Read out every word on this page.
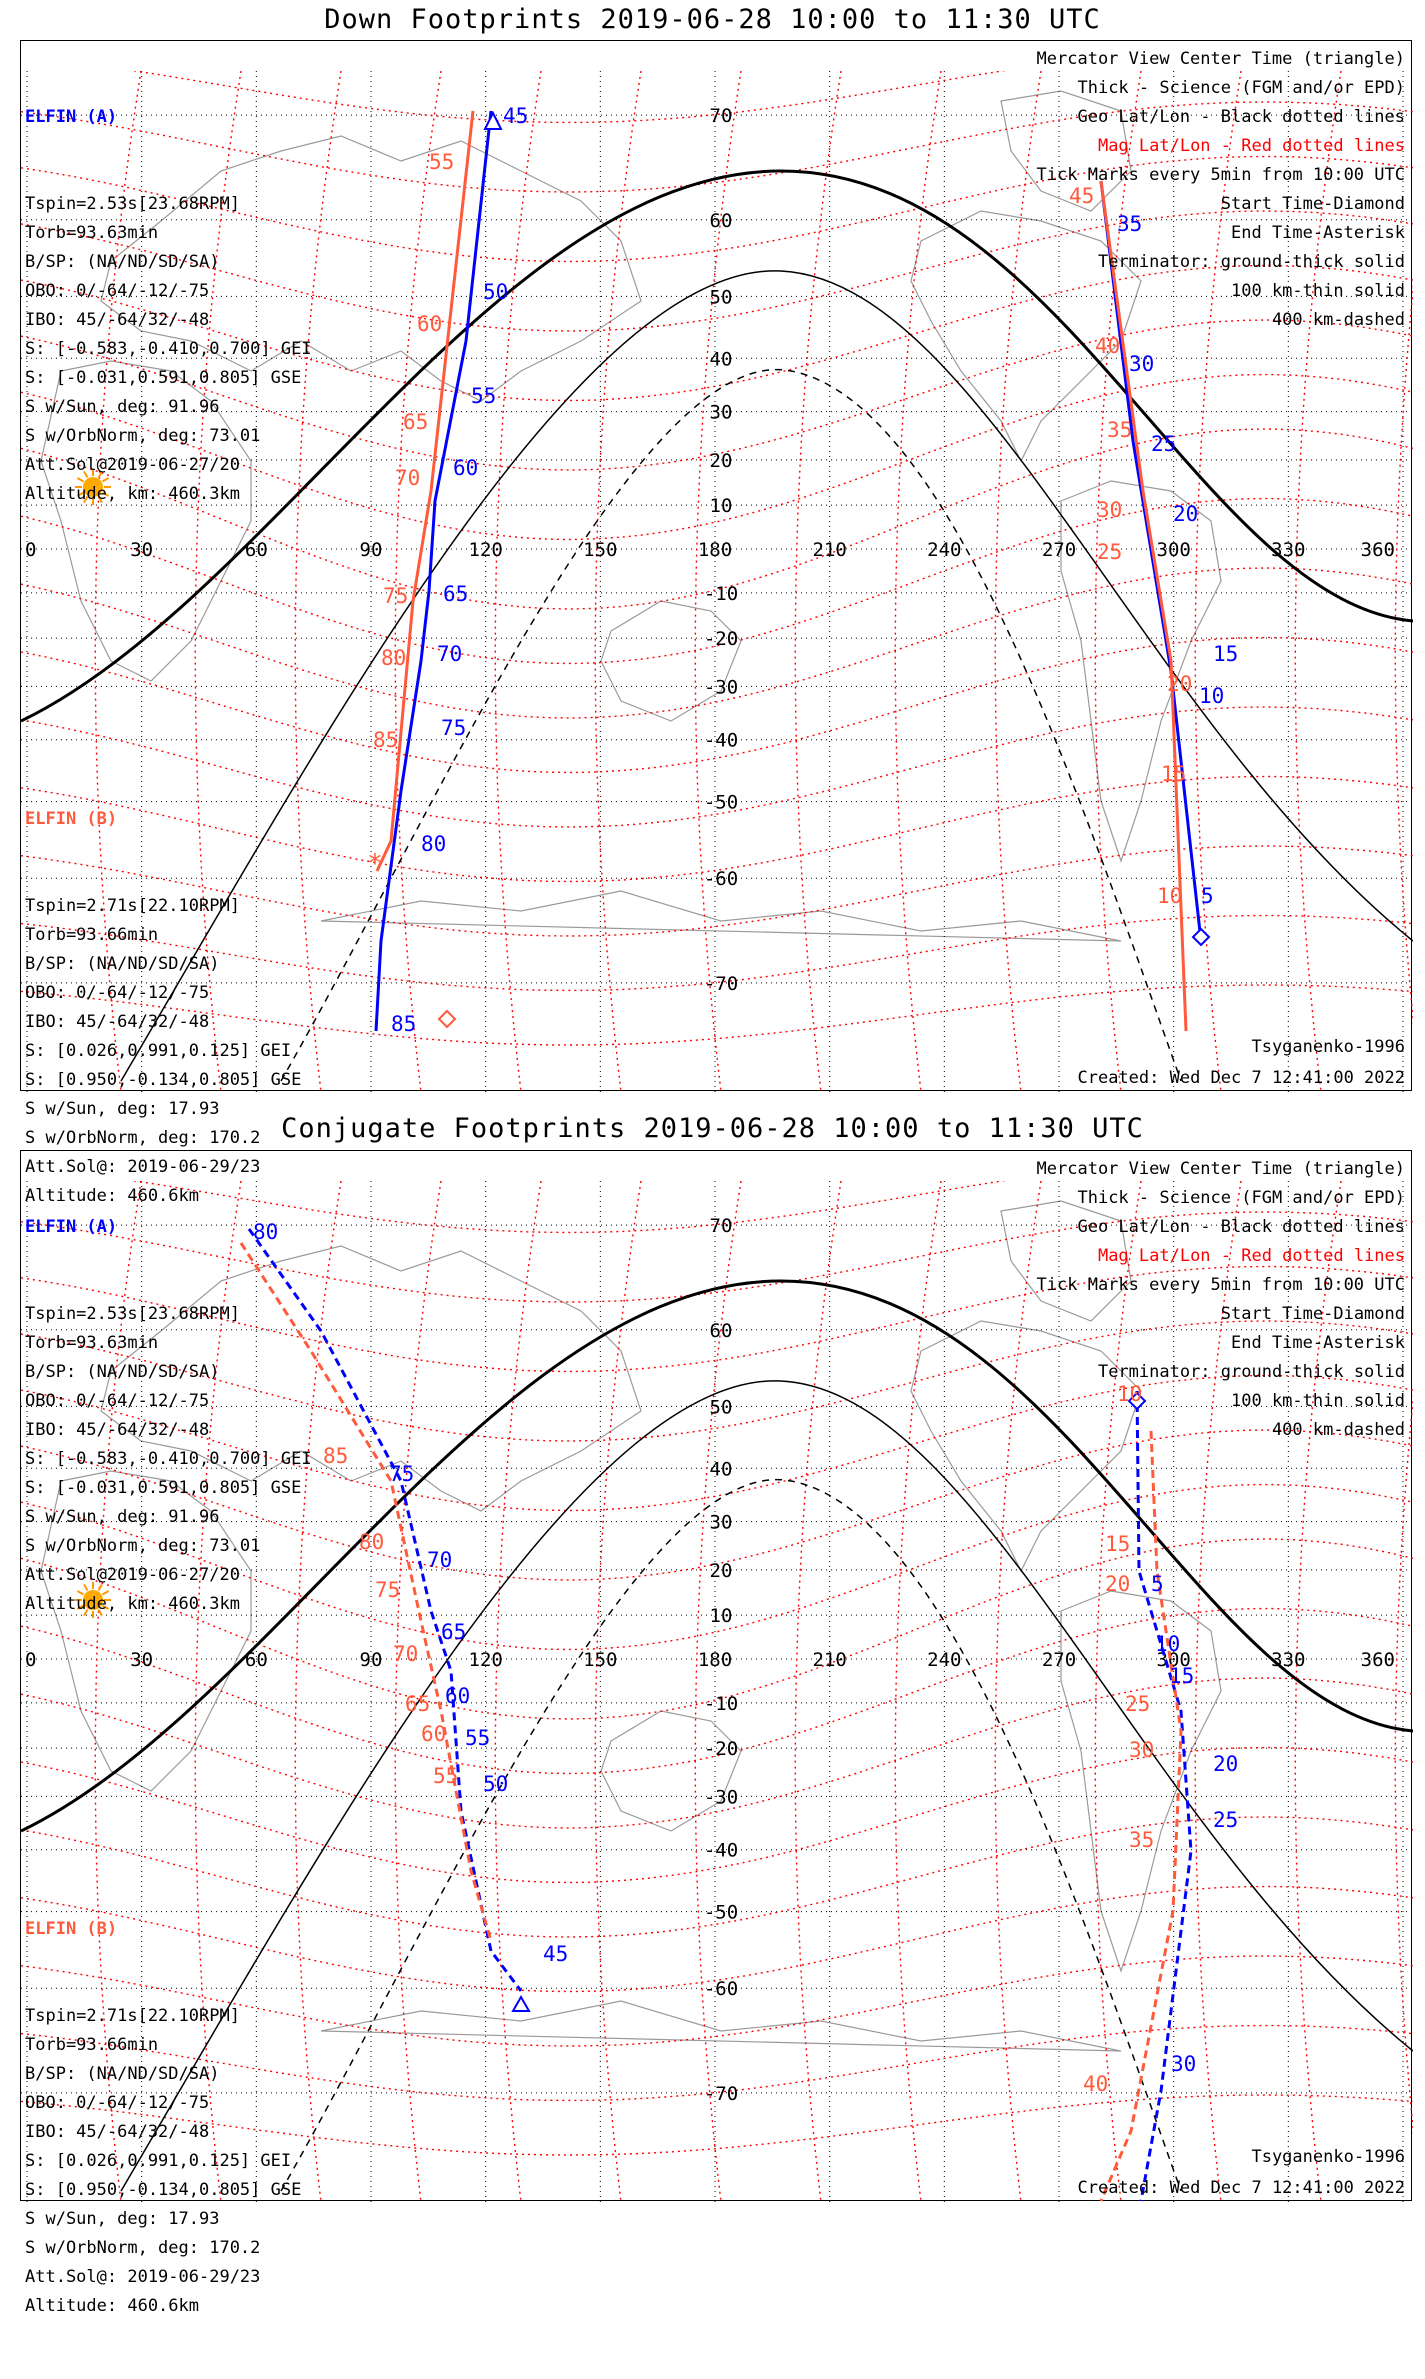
Down Footprints 2019-06-28 10:00 to 11:30 UTC
0	30	60	90	120	150	180	210	240	270	300	330	360
70
60
50
40
30
20
10
-10
-20
-30
-40
-50
-60
-70
*
45
50
55
60
65
70
75
80
85
35
30
25
20
15
10
5
55
60
65
70
75
80
85
45
40
35
30
25
20
15
10

ELFIN (A)

Tspin=2.53s[23.68RPM]
Torb=93.63min
B/SP: (NA/ND/SD/SA)
OBO: 0/-64/-12/-75
IBO: 45/-64/32/-48
S: [-0.583,-0.410,0.700] GEI
S: [-0.031,0.591,0.805] GSE
S w/Sun, deg: 91.96
S w/OrbNorm, deg: 73.01
Att.Sol@2019-06-27/20
Altitude, km: 460.3km

ELFIN (B)

Tspin=2.71s[22.10RPM]
Torb=93.66min
B/SP: (NA/ND/SD/SA)
OBO: 0/-64/-12/-75
IBO: 45/-64/32/-48
S: [0.026,0.991,0.125] GEI
S: [0.950,-0.134,0.805] GSE
S w/Sun, deg: 17.93
S w/OrbNorm, deg: 170.2
Att.Sol@: 2019-06-29/23
Altitude: 460.6km

Mercator View Center Time (triangle)
Thick - Science (FGM and/or EPD)
Geo Lat/Lon - Black dotted lines
Mag Lat/Lon - Red dotted lines
Tick Marks every 5min from 10:00 UTC
Start Time-Diamond
End Time-Asterisk
Terminator: ground-thick solid
100 km-thin solid
400 km-dashed
Tsyganenko-1996
Created: Wed Dec 7 12:41:00 2022
Conjugate Footprints 2019-06-28 10:00 to 11:30 UTC
0	30	60	90	120	150	180	210	240	270	300	330	360
70
60
50
40
30
20
10
-10
-20
-30
-40
-50
-60
-70
80
75
70
65
60
55
50
45
5
10
15
20
25
30
85
80
75
70
65
60
55
10
15
20
25
30
35
40

ELFIN (A)

Tspin=2.53s[23.68RPM]
Torb=93.63min
B/SP: (NA/ND/SD/SA)
OBO: 0/-64/-12/-75
IBO: 45/-64/32/-48
S: [-0.583,-0.410,0.700] GEI
S: [-0.031,0.591,0.805] GSE
S w/Sun, deg: 91.96
S w/OrbNorm, deg: 73.01
Att.Sol@2019-06-27/20
Altitude, km: 460.3km

ELFIN (B)

Tspin=2.71s[22.10RPM]
Torb=93.66min
B/SP: (NA/ND/SD/SA)
OBO: 0/-64/-12/-75
IBO: 45/-64/32/-48
S: [0.026,0.991,0.125] GEI
S: [0.950,-0.134,0.805] GSE
S w/Sun, deg: 17.93
S w/OrbNorm, deg: 170.2
Att.Sol@: 2019-06-29/23
Altitude: 460.6km

Mercator View Center Time (triangle)
Thick - Science (FGM and/or EPD)
Geo Lat/Lon - Black dotted lines
Mag Lat/Lon - Red dotted lines
Tick Marks every 5min from 10:00 UTC
Start Time-Diamond
End Time-Asterisk
Terminator: ground-thick solid
100 km-thin solid
400 km-dashed
Tsyganenko-1996
Created: Wed Dec 7 12:41:00 2022
